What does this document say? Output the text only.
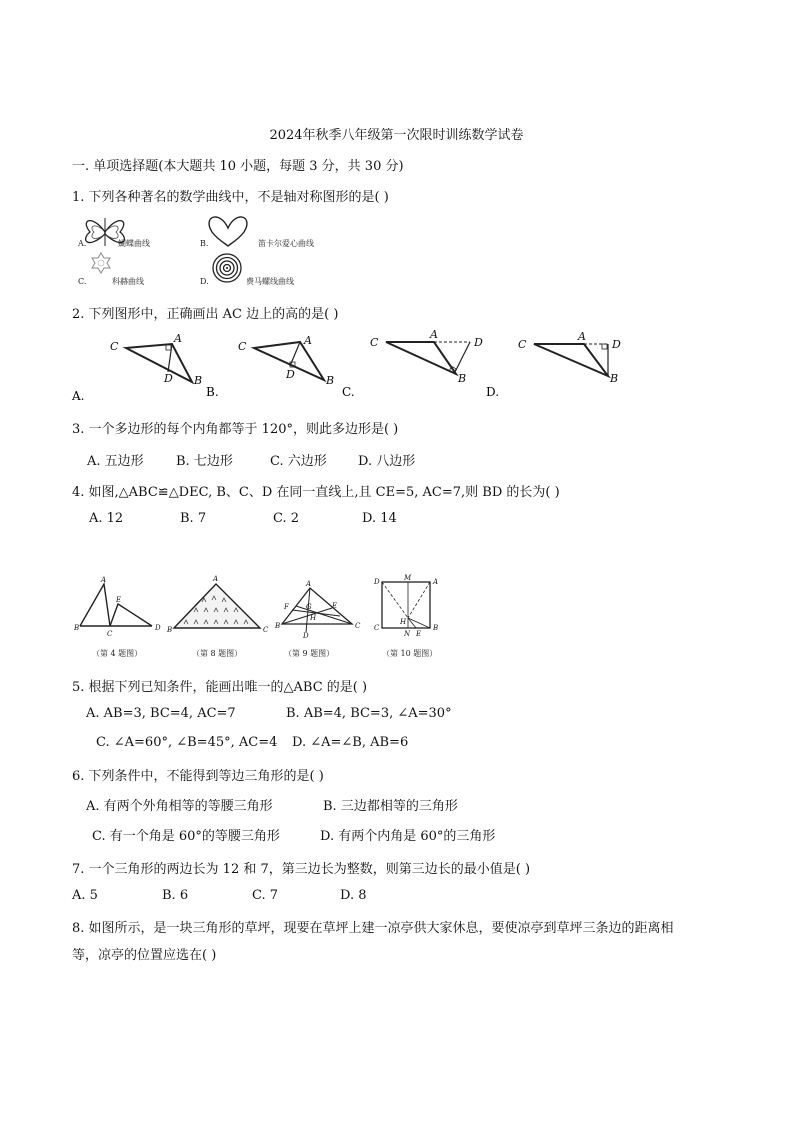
2024年秋季八年级第一次限时训练数学试卷
一. 单项选择题(本大题共 10 小题，每题 3 分，共 30 分)
1. 下列各种著名的数学曲线中，不是轴对称图形的是( )
A.	蝴蝶曲线	B.	笛卡尔爱心曲线
C.	科赫曲线	D.	费马螺线曲线
2. 下列图形中，正确画出 AC 边上的高的是( )
C
A
D B
A.
C	A
D	B
B.
C
A
D
B
C.
C
A
D
B
D.
3. 一个多边形的每个内角都等于 120°，则此多边形是( )
A. 五边形 B. 七边形	C. 六边形 D. 八边形
4. 如图,△ABC≌△DEC, B、C、D 在同一直线上,且 CE=5, AC=7,则 BD 的长为( )
A. 12	B. 7	C. 2	D. 14
A
E
B
C
D
（第 4 题图）
A
B	C
（第 8 题图）
A
F G	E
H
B	C
D
（第 9 题图）
D	M	A
C
H
N E
B
（第 10 题图）
5. 根据下列已知条件，能画出唯一的△ABC 的是( )
A. AB=3, BC=4, AC=7	B. AB=4, BC=3, ∠A=30°
C. ∠A=60°, ∠B=45°, AC=4 D. ∠A=∠B, AB=6
6. 下列条件中，不能得到等边三角形的是( )
A. 有两个外角相等的等腰三角形	B. 三边都相等的三角形
C. 有一个角是 60°的等腰三角形	D. 有两个内角是 60°的三角形
7. 一个三角形的两边长为 12 和 7，第三边长为整数，则第三边长的最小值是( )
A. 5	B. 6	C. 7	D. 8
8. 如图所示，是一块三角形的草坪，现要在草坪上建一凉亭供大家休息，要使凉亭到草坪三条边的距离相
等，凉亭的位置应选在( )
